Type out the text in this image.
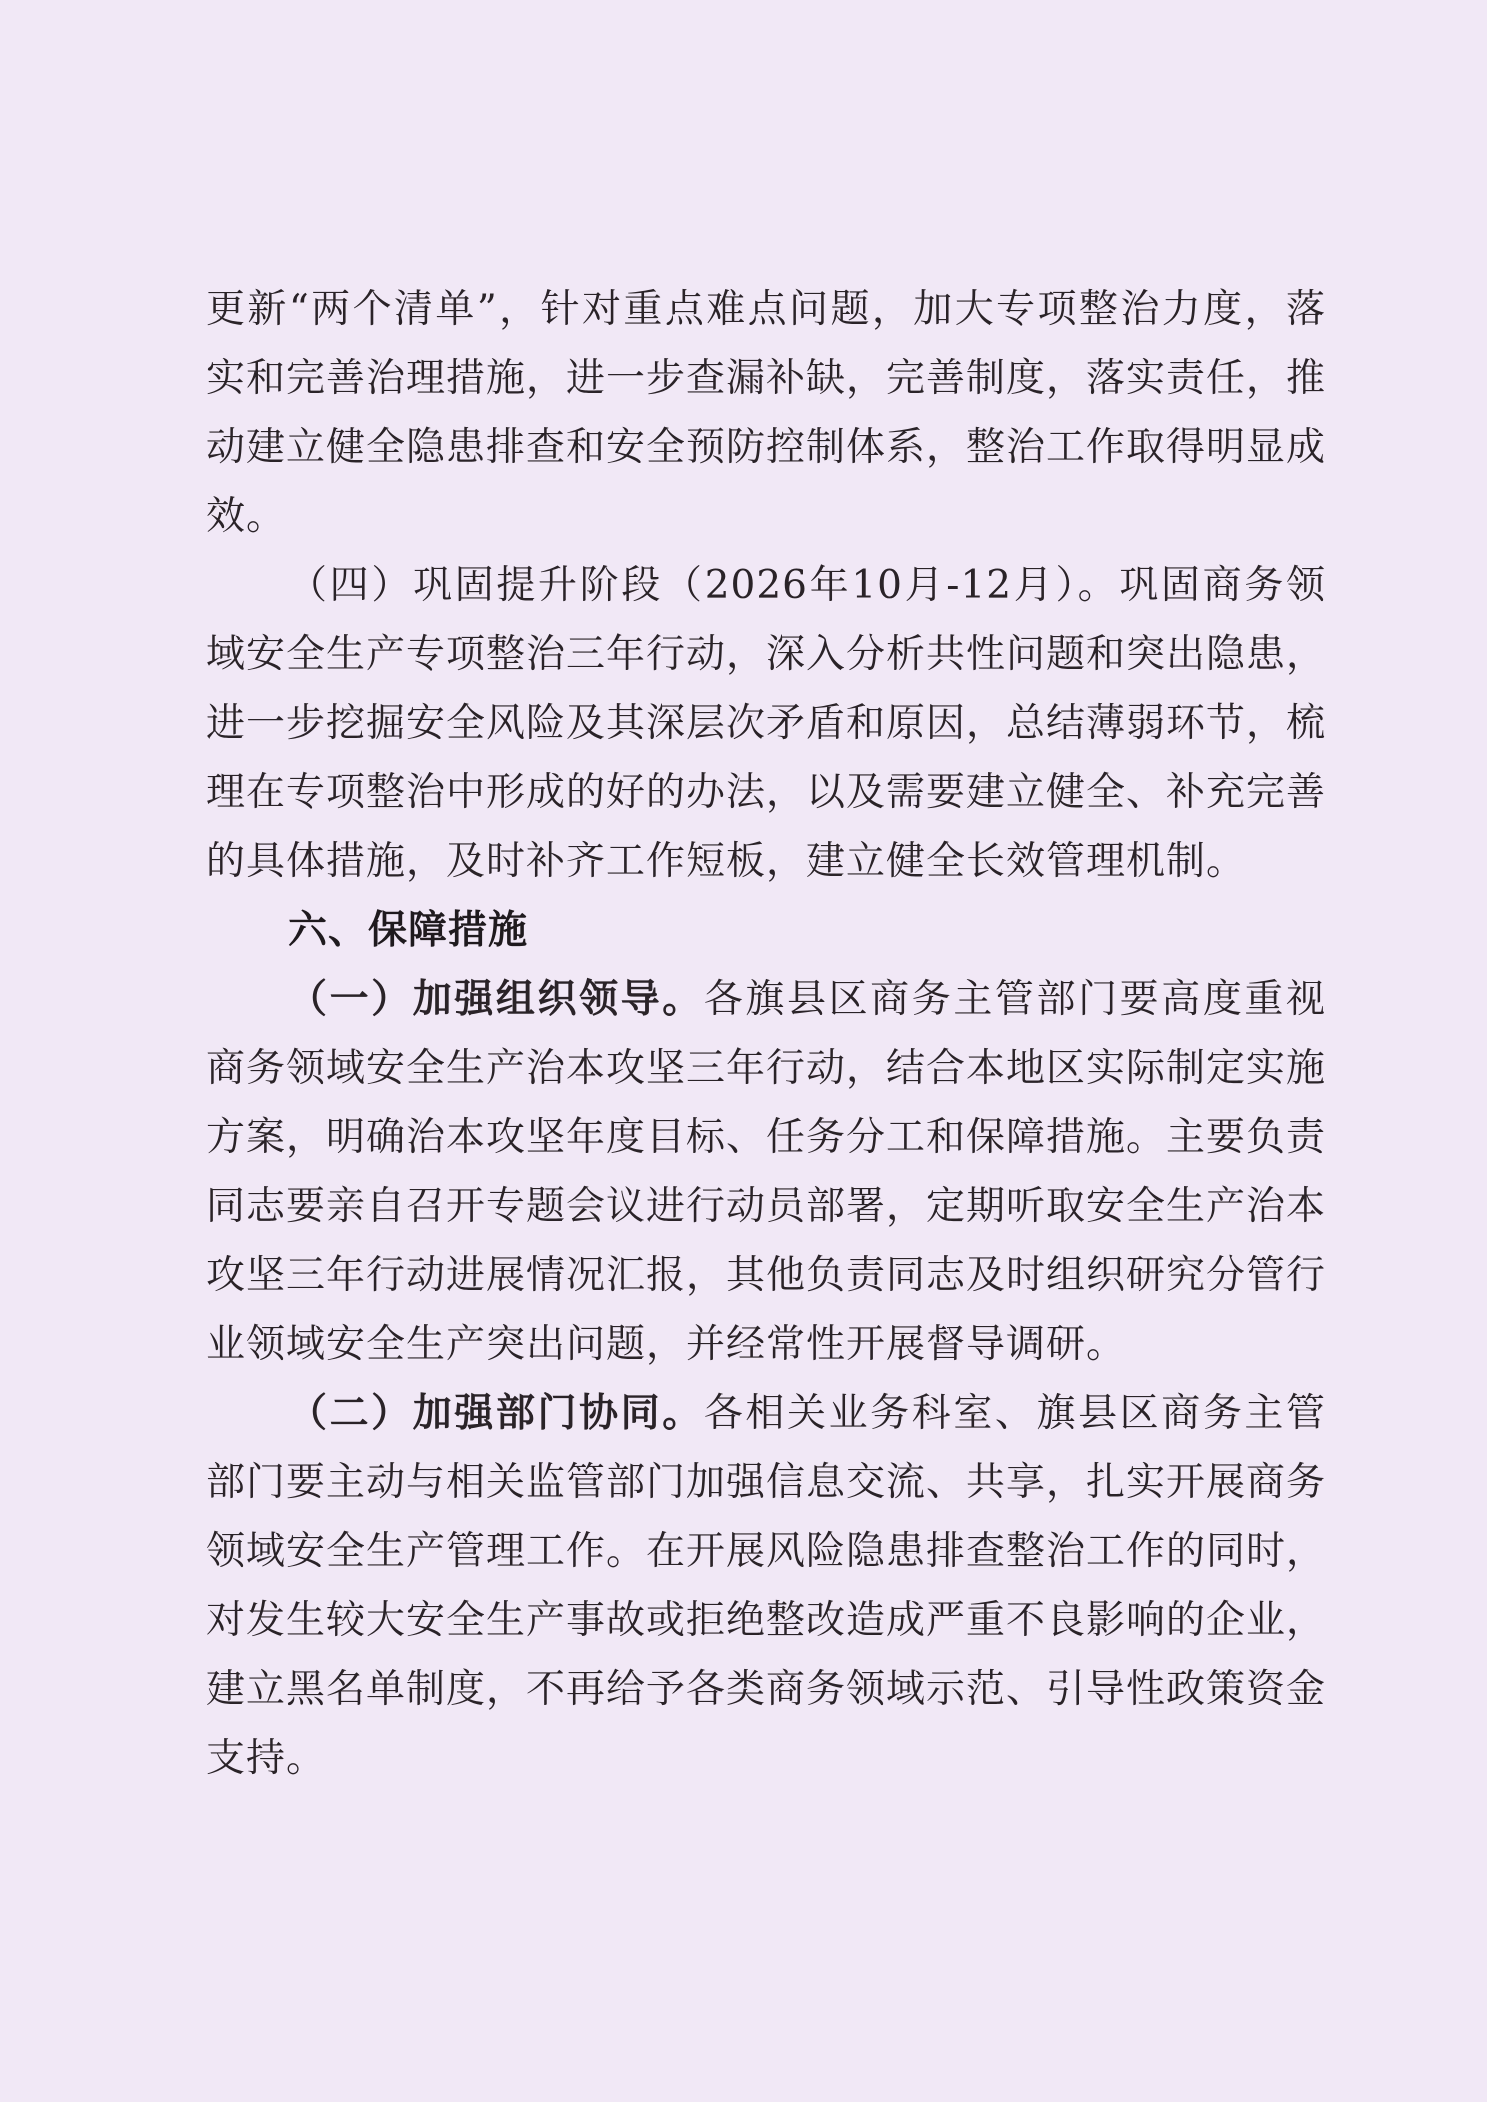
更新“两个清单”，针对重点难点问题，加大专项整治力度，落实和完善治理措施，进一步查漏补缺，完善制度，落实责任，推动建立健全隐患排查和安全预防控制体系，整治工作取得明显成效。

（四）巩固提升阶段（2026年10月-12月）。巩固商务领域安全生产专项整治三年行动，深入分析共性问题和突出隐患，进一步挖掘安全风险及其深层次矛盾和原因，总结薄弱环节，梳理在专项整治中形成的好的办法，以及需要建立健全、补充完善的具体措施，及时补齐工作短板，建立健全长效管理机制。

六、保障措施

（一）加强组织领导。各旗县区商务主管部门要高度重视商务领域安全生产治本攻坚三年行动，结合本地区实际制定实施方案，明确治本攻坚年度目标、任务分工和保障措施。主要负责同志要亲自召开专题会议进行动员部署，定期听取安全生产治本攻坚三年行动进展情况汇报，其他负责同志及时组织研究分管行业领域安全生产突出问题，并经常性开展督导调研。

（二）加强部门协同。各相关业务科室、旗县区商务主管部门要主动与相关监管部门加强信息交流、共享，扎实开展商务领域安全生产管理工作。在开展风险隐患排查整治工作的同时，对发生较大安全生产事故或拒绝整改造成严重不良影响的企业，建立黑名单制度，不再给予各类商务领域示范、引导性政策资金支持。
